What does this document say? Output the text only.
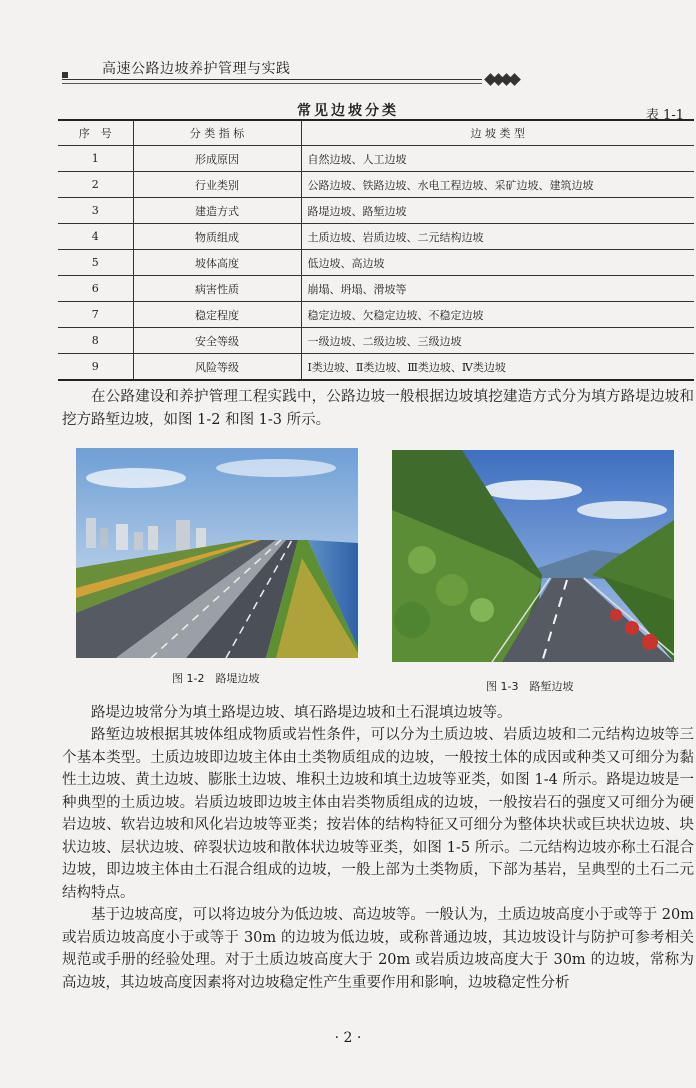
高速公路边坡养护管理与实践
常见边坡分类	表 1-1
序　号	分 类 指 标	边 坡 类 型
1	形成原因	自然边坡、人工边坡
2	行业类别	公路边坡、铁路边坡、水电工程边坡、采矿边坡、建筑边坡
3	建造方式	路堤边坡、路堑边坡
4	物质组成	土质边坡、岩质边坡、二元结构边坡
5	坡体高度	低边坡、高边坡
6	病害性质	崩塌、坍塌、滑坡等
7	稳定程度	稳定边坡、欠稳定边坡、不稳定边坡
8	安全等级	一级边坡、二级边坡、三级边坡
9	风险等级	Ⅰ类边坡、Ⅱ类边坡、Ⅲ类边坡、Ⅳ类边坡
在公路建设和养护管理工程实践中，公路边坡一般根据边坡填挖建造方式分为填方路堤边坡和挖方路堑边坡，如图 1-2 和图 1-3 所示。
图 1-2　路堤边坡
图 1-3　路堑边坡
路堤边坡常分为填土路堤边坡、填石路堤边坡和土石混填边坡等。
路堑边坡根据其坡体组成物质或岩性条件，可以分为土质边坡、岩质边坡和二元结构边坡等三个基本类型。土质边坡即边坡主体由土类物质组成的边坡，一般按土体的成因或种类又可细分为黏性土边坡、黄土边坡、膨胀土边坡、堆积土边坡和填土边坡等亚类，如图 1-4 所示。路堤边坡是一种典型的土质边坡。岩质边坡即边坡主体由岩类物质组成的边坡，一般按岩石的强度又可细分为硬岩边坡、软岩边坡和风化岩边坡等亚类；按岩体的结构特征又可细分为整体块状或巨块状边坡、块状边坡、层状边坡、碎裂状边坡和散体状边坡等亚类，如图 1-5 所示。二元结构边坡亦称土石混合边坡，即边坡主体由土石混合组成的边坡，一般上部为土类物质，下部为基岩，呈典型的土石二元结构特点。
基于边坡高度，可以将边坡分为低边坡、高边坡等。一般认为，土质边坡高度小于或等于 20m 或岩质边坡高度小于或等于 30m 的边坡为低边坡，或称普通边坡，其边坡设计与防护可参考相关规范或手册的经验处理。对于土质边坡高度大于 20m 或岩质边坡高度大于 30m 的边坡，常称为高边坡，其边坡高度因素将对边坡稳定性产生重要作用和影响，边坡稳定性分析
· 2 ·
